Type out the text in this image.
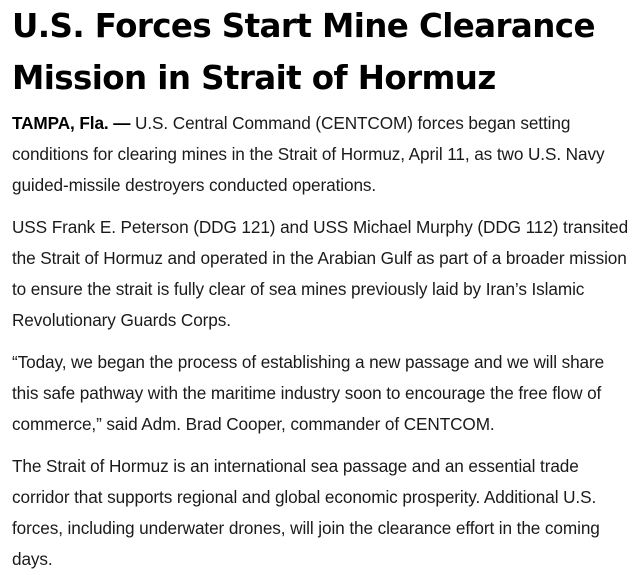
U.S. Forces Start Mine Clearance Mission in Strait of Hormuz

TAMPA, Fla. — U.S. Central Command (CENTCOM) forces began setting conditions for clearing mines in the Strait of Hormuz, April 11, as two U.S. Navy guided-missile destroyers conducted operations.

USS Frank E. Peterson (DDG 121) and USS Michael Murphy (DDG 112) transited the Strait of Hormuz and operated in the Arabian Gulf as part of a broader mission to ensure the strait is fully clear of sea mines previously laid by Iran’s Islamic Revolutionary Guards Corps.

“Today, we began the process of establishing a new passage and we will share this safe pathway with the maritime industry soon to encourage the free flow of commerce,” said Adm. Brad Cooper, commander of CENTCOM.

The Strait of Hormuz is an international sea passage and an essential trade corridor that supports regional and global economic prosperity. Additional U.S. forces, including underwater drones, will join the clearance effort in the coming days.
